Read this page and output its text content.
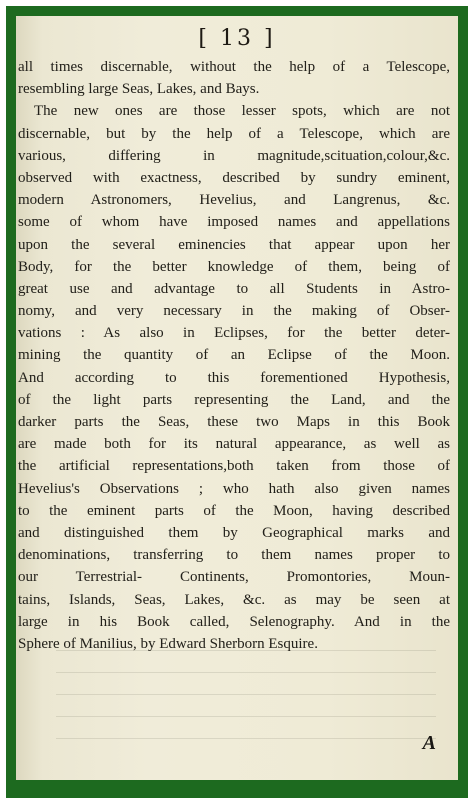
[ 13 ]
all times discernable, without the help of a Telescope,
resembling large Seas, Lakes, and Bays.
The new ones are those lesser spots, which are not
discernable, but by the help of a Telescope, which are
various, differing in magnitude,scituation,colour,&c.
observed with exactness, described by sundry eminent,
modern Astronomers, Hevelius, and Langrenus, &c.
some of whom have imposed names and appellations
upon the several eminencies that appear upon her
Body, for the better knowledge of them, being of
great use and advantage to all Students in Astro-
nomy, and very necessary in the making of Obser-
vations : As also in Eclipses, for the better deter-
mining the quantity of an Eclipse of the Moon.
And according to this forementioned Hypothesis,
of the light parts representing the Land, and the
darker parts the Seas, these two Maps in this Book
are made both for its natural appearance, as well as
the artificial representations,both taken from those of
Hevelius's Observations ; who hath also given names
to the eminent parts of the Moon, having described
and distinguished them by Geographical marks and
denominations, transferring to them names proper to
our Terrestrial- Continents, Promontories, Moun-
tains, Islands, Seas, Lakes, &c. as may be seen at
large in his Book called, Selenography. And in the
Sphere of Manilius, by Edward Sherborn Esquire.
A
